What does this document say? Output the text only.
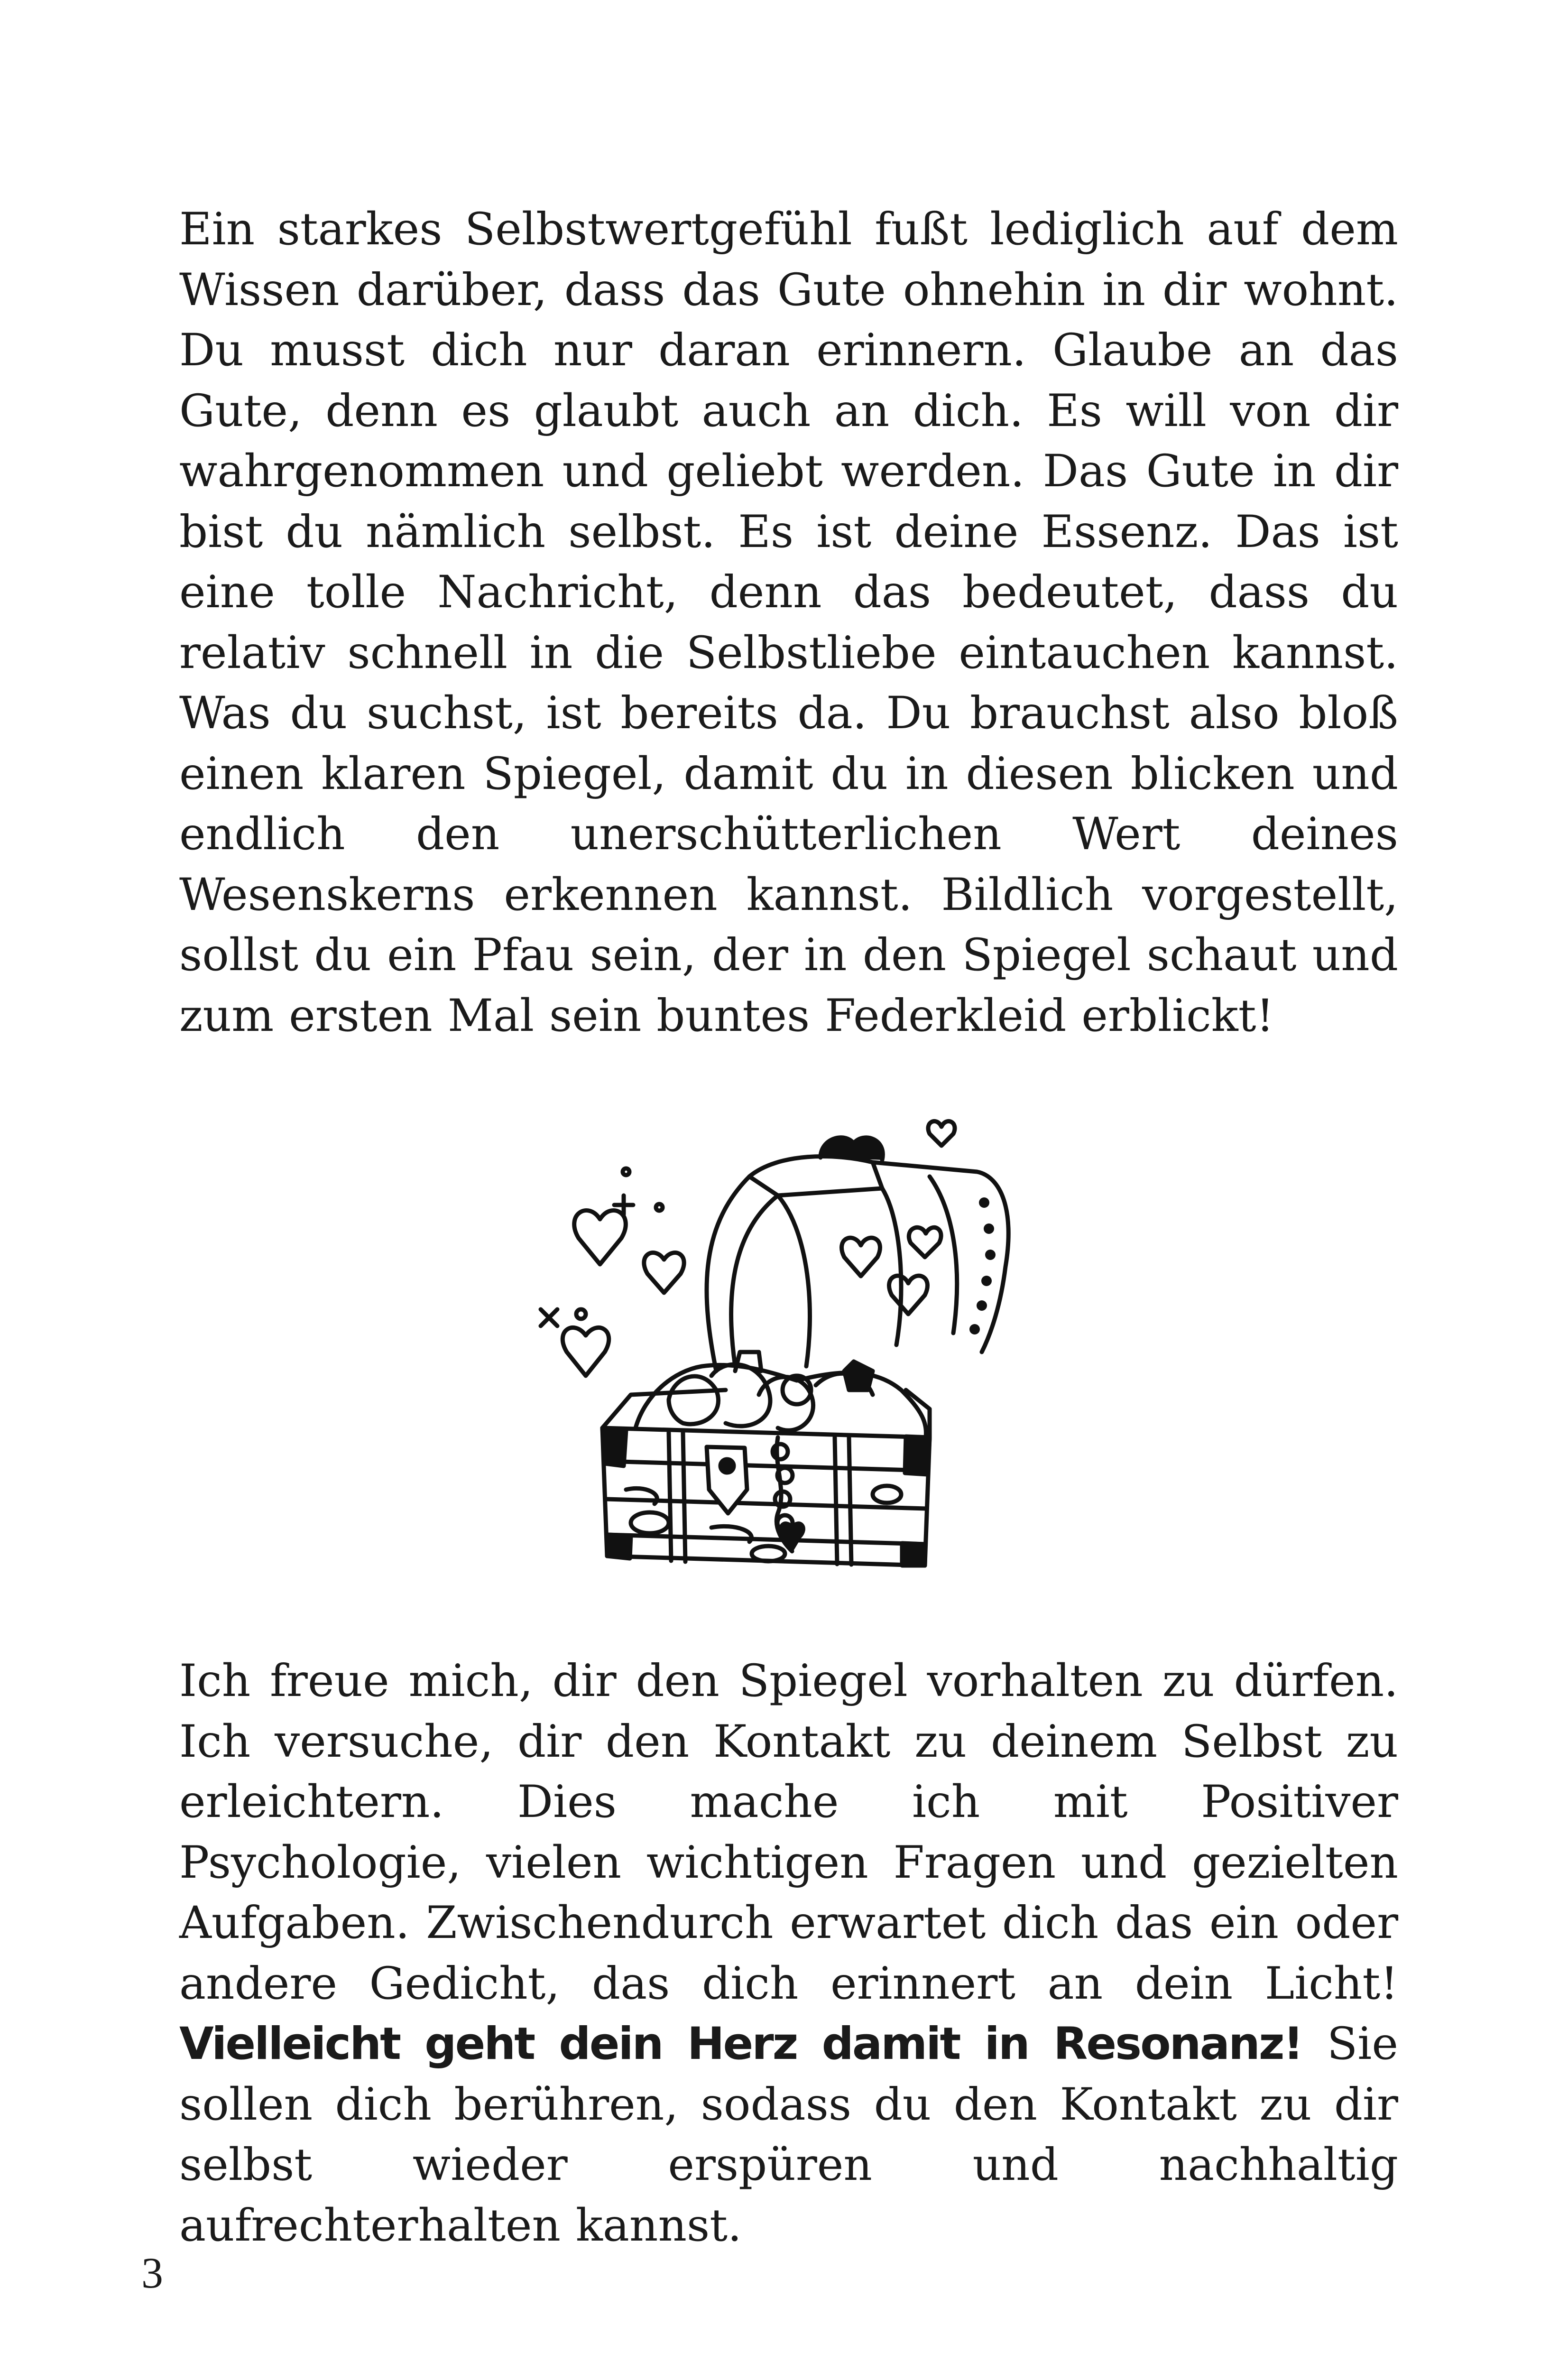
Ein starkes Selbstwertgefühl fußt lediglich auf dem Wissen darüber, dass das Gute ohnehin in dir wohnt. Du musst dich nur daran erinnern. Glaube an das Gute, denn es glaubt auch an dich. Es will von dir wahrgenommen und geliebt werden. Das Gute in dir bist du nämlich selbst. Es ist deine Essenz. Das ist eine tolle Nachricht, denn das bedeutet, dass du relativ schnell in die Selbstliebe eintauchen kannst. Was du suchst, ist bereits da. Du brauchst also bloß einen klaren Spiegel, damit du in diesen blicken und endlich den unerschütterlichen Wert deines Wesenskerns erkennen kannst. Bildlich vorgestellt, sollst du ein Pfau sein, der in den Spiegel schaut und zum ersten Mal sein buntes Federkleid erblickt!

Ich freue mich, dir den Spiegel vorhalten zu dürfen. Ich versuche, dir den Kontakt zu deinem Selbst zu erleichtern. Dies mache ich mit Positiver Psychologie, vielen wichtigen Fragen und gezielten Aufgaben. Zwischendurch erwartet dich das ein oder andere Gedicht, das dich erinnert an dein Licht! Vielleicht geht dein Herz damit in Resonanz! Sie sollen dich berühren, sodass du den Kontakt zu dir selbst wieder erspüren und nachhaltig aufrechterhalten kannst.

3
